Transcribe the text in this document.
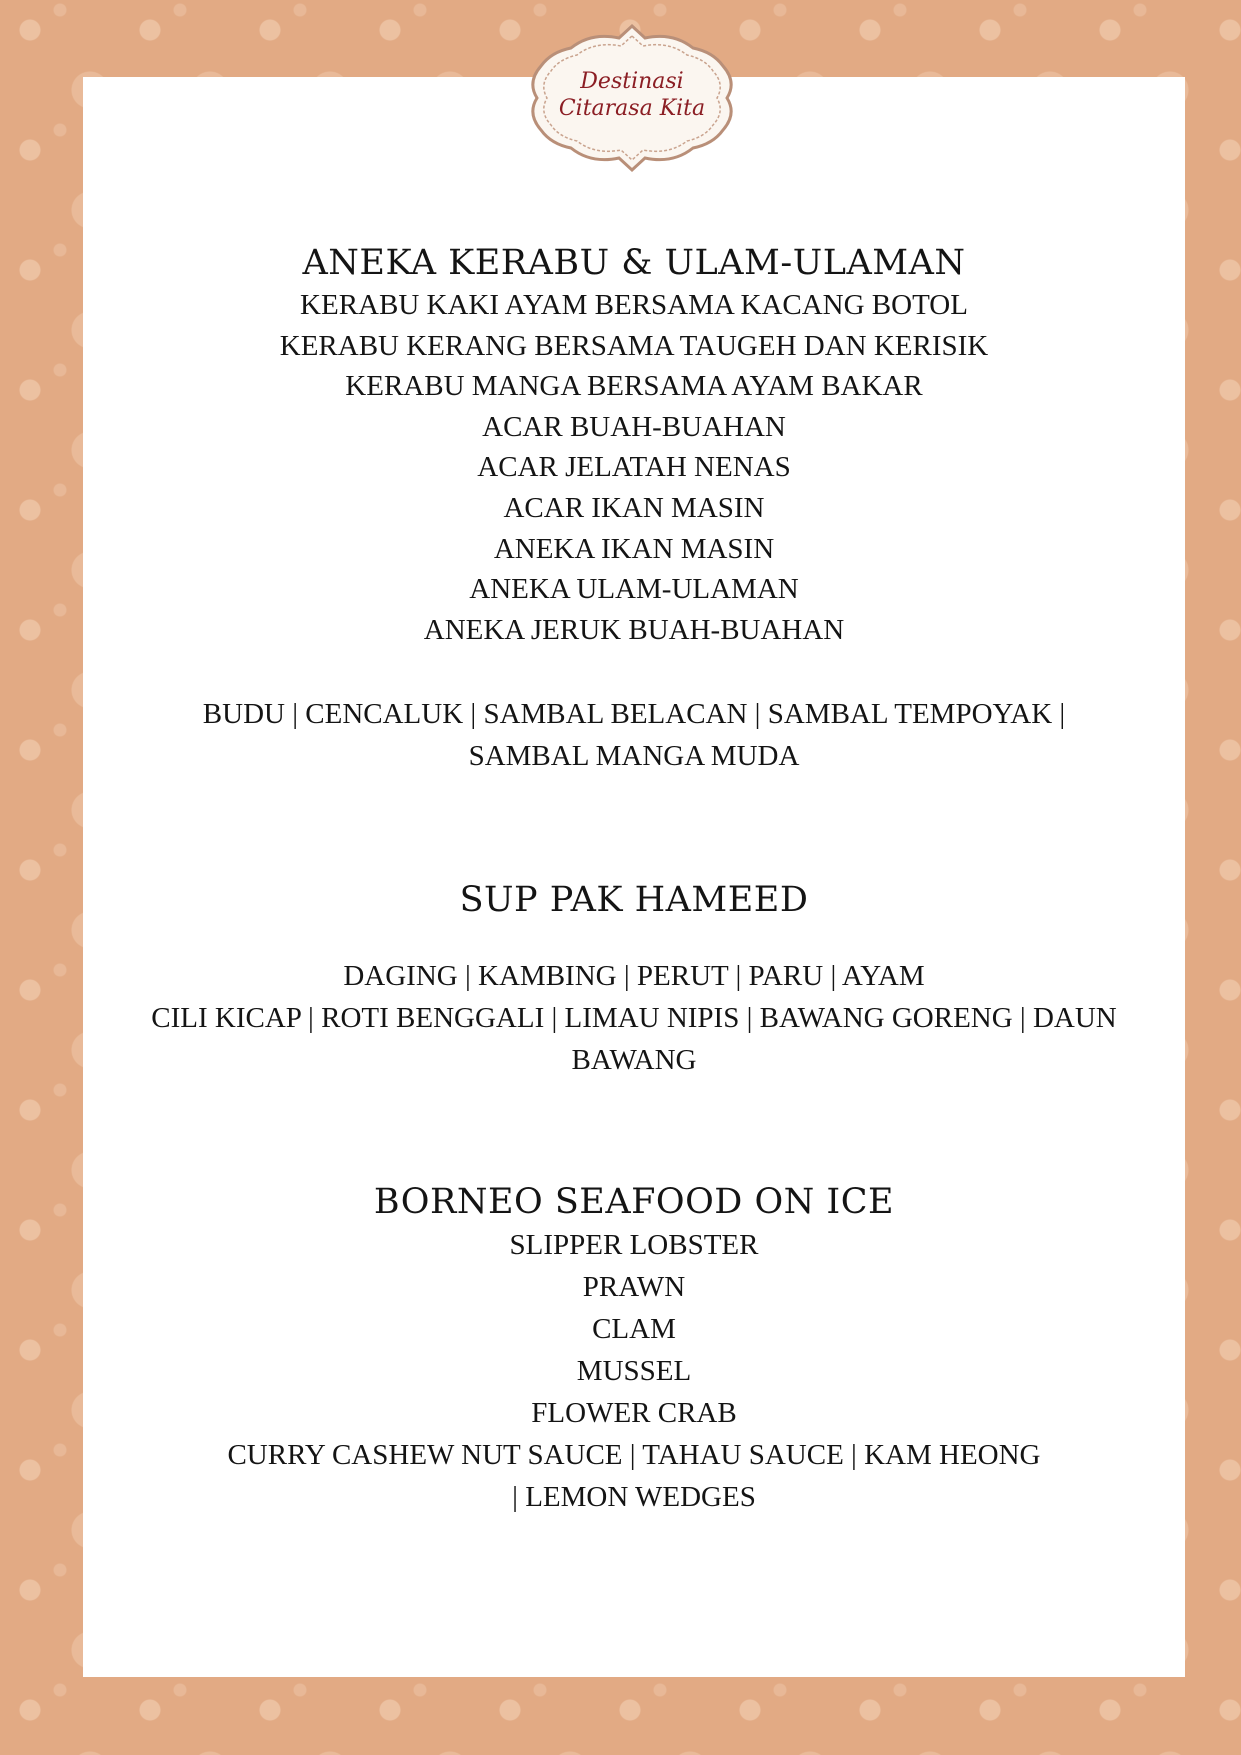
Destinasi
Citarasa Kita
ANEKA KERABU & ULAM-ULAMAN

KERABU KAKI AYAM BERSAMA KACANG BOTOL

KERABU KERANG BERSAMA TAUGEH DAN KERISIK

KERABU MANGA BERSAMA AYAM BAKAR

ACAR BUAH-BUAHAN

ACAR JELATAH NENAS

ACAR IKAN MASIN

ANEKA IKAN MASIN

ANEKA ULAM-ULAMAN

ANEKA JERUK BUAH-BUAHAN

BUDU | CENCALUK | SAMBAL BELACAN | SAMBAL TEMPOYAK |

SAMBAL MANGA MUDA

SUP PAK HAMEED

DAGING | KAMBING | PERUT | PARU | AYAM

CILI KICAP | ROTI BENGGALI | LIMAU NIPIS | BAWANG GORENG | DAUN

BAWANG

BORNEO SEAFOOD ON ICE

SLIPPER LOBSTER

PRAWN

CLAM

MUSSEL

FLOWER CRAB

CURRY CASHEW NUT SAUCE | TAHAU SAUCE | KAM HEONG

| LEMON WEDGES
